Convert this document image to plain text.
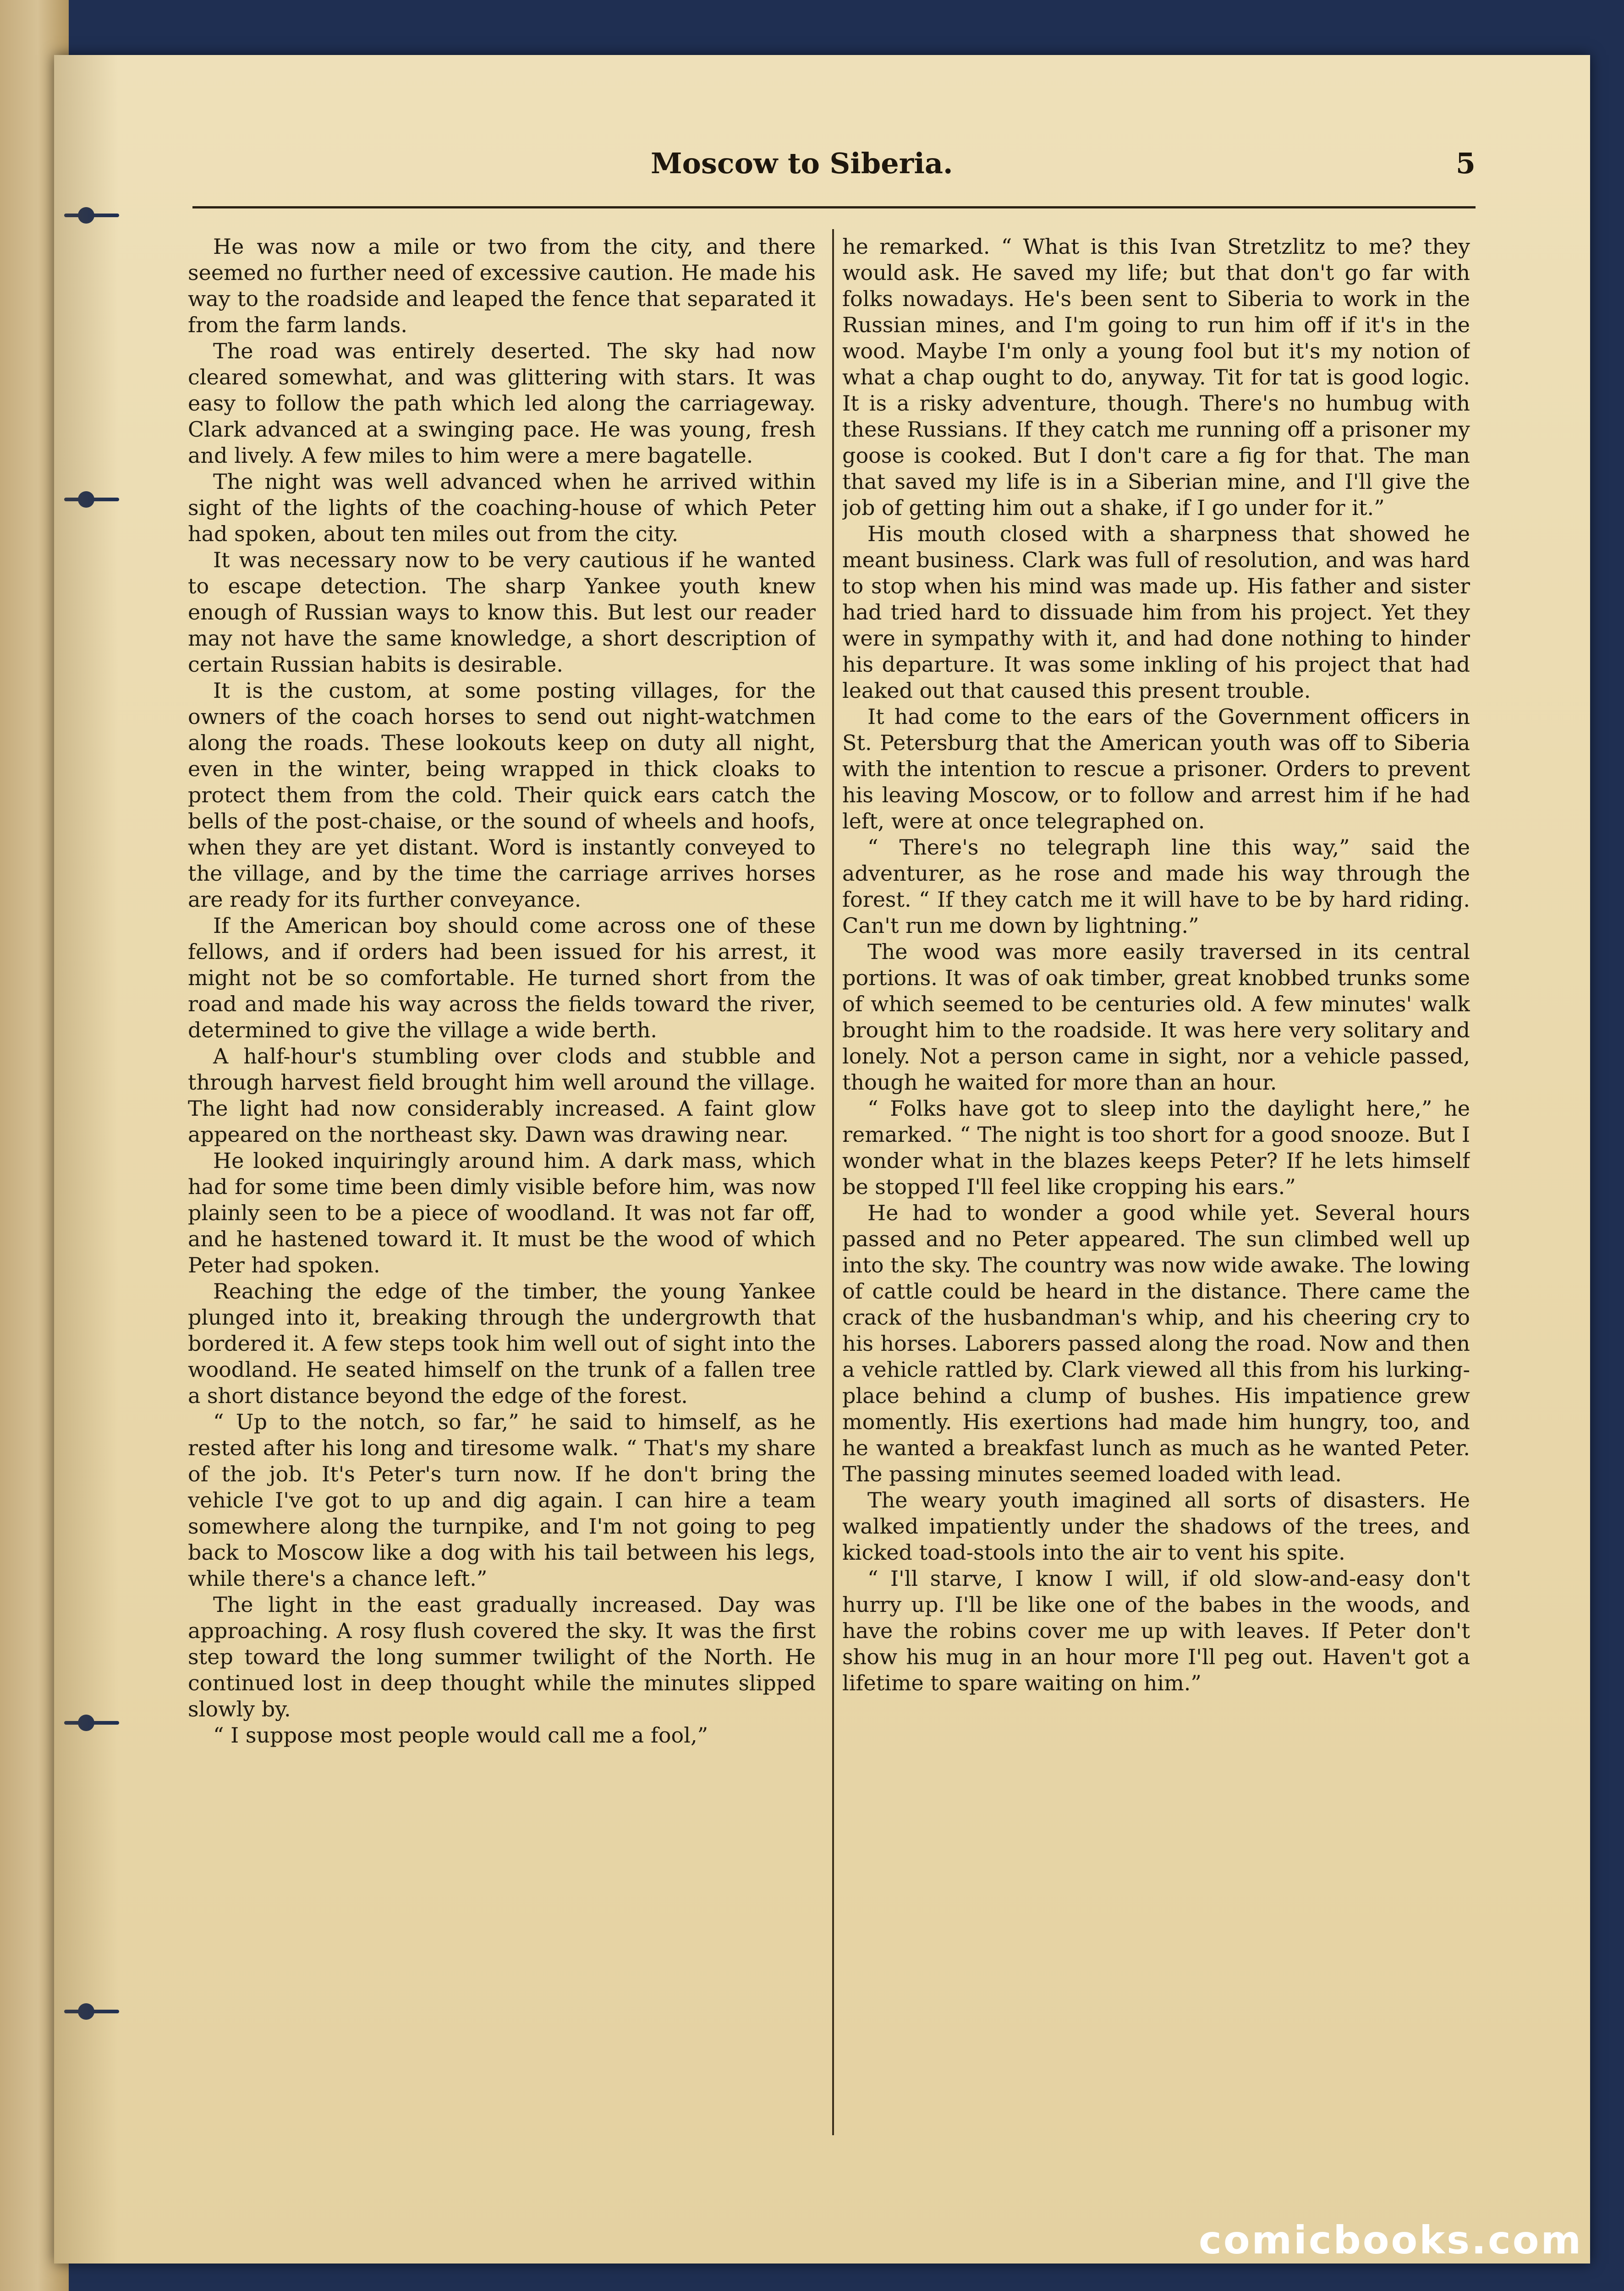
Moscow to Siberia.	5

He was now a mile or two from the city, and there seemed no further need of excessive caution. He made his way to the roadside and leaped the fence that separated it from the farm lands.

The road was entirely deserted. The sky had now cleared somewhat, and was glittering with stars. It was easy to follow the path which led along the carriageway. Clark advanced at a swinging pace. He was young, fresh and lively. A few miles to him were a mere bagatelle.

The night was well advanced when he arrived within sight of the lights of the coaching-house of which Peter had spoken, about ten miles out from the city.

It was necessary now to be very cautious if he wanted to escape detection. The sharp Yankee youth knew enough of Russian ways to know this. But lest our reader may not have the same knowledge, a short description of certain Russian habits is desirable.

It is the custom, at some posting villages, for the owners of the coach horses to send out night-watchmen along the roads. These lookouts keep on duty all night, even in the winter, being wrapped in thick cloaks to protect them from the cold. Their quick ears catch the bells of the post-chaise, or the sound of wheels and hoofs, when they are yet distant. Word is instantly conveyed to the village, and by the time the carriage arrives horses are ready for its further conveyance.

If the American boy should come across one of these fellows, and if orders had been issued for his arrest, it might not be so comfortable. He turned short from the road and made his way across the fields toward the river, determined to give the village a wide berth.

A half-hour's stumbling over clods and stubble and through harvest field brought him well around the village. The light had now considerably increased. A faint glow appeared on the northeast sky. Dawn was drawing near.

He looked inquiringly around him. A dark mass, which had for some time been dimly visible before him, was now plainly seen to be a piece of woodland. It was not far off, and he hastened toward it. It must be the wood of which Peter had spoken.

Reaching the edge of the timber, the young Yankee plunged into it, breaking through the undergrowth that bordered it. A few steps took him well out of sight into the woodland. He seated himself on the trunk of a fallen tree a short distance beyond the edge of the forest.

“ Up to the notch, so far,” he said to himself, as he rested after his long and tiresome walk. “ That's my share of the job. It's Peter's turn now. If he don't bring the vehicle I've got to up and dig again. I can hire a team somewhere along the turnpike, and I'm not going to peg back to Moscow like a dog with his tail between his legs, while there's a chance left.”

The light in the east gradually increased. Day was approaching. A rosy flush covered the sky. It was the first step toward the long summer twilight of the North. He continued lost in deep thought while the minutes slipped slowly by.

“ I suppose most people would call me a fool,”

he remarked. “ What is this Ivan Stretzlitz to me? they would ask. He saved my life; but that don't go far with folks nowadays. He's been sent to Siberia to work in the Russian mines, and I'm going to run him off if it's in the wood. Maybe I'm only a young fool but it's my notion of what a chap ought to do, anyway. Tit for tat is good logic. It is a risky adventure, though. There's no humbug with these Russians. If they catch me running off a prisoner my goose is cooked. But I don't care a fig for that. The man that saved my life is in a Siberian mine, and I'll give the job of getting him out a shake, if I go under for it.”

His mouth closed with a sharpness that showed he meant business. Clark was full of resolution, and was hard to stop when his mind was made up. His father and sister had tried hard to dissuade him from his project. Yet they were in sympathy with it, and had done nothing to hinder his departure. It was some inkling of his project that had leaked out that caused this present trouble.

It had come to the ears of the Government officers in St. Petersburg that the American youth was off to Siberia with the intention to rescue a prisoner. Orders to prevent his leaving Moscow, or to follow and arrest him if he had left, were at once telegraphed on.

“ There's no telegraph line this way,” said the adventurer, as he rose and made his way through the forest. “ If they catch me it will have to be by hard riding. Can't run me down by lightning.”

The wood was more easily traversed in its central portions. It was of oak timber, great knobbed trunks some of which seemed to be centuries old. A few minutes' walk brought him to the roadside. It was here very solitary and lonely. Not a person came in sight, nor a vehicle passed, though he waited for more than an hour.

“ Folks have got to sleep into the daylight here,” he remarked. “ The night is too short for a good snooze. But I wonder what in the blazes keeps Peter? If he lets himself be stopped I'll feel like cropping his ears.”

He had to wonder a good while yet. Several hours passed and no Peter appeared. The sun climbed well up into the sky. The country was now wide awake. The lowing of cattle could be heard in the distance. There came the crack of the husbandman's whip, and his cheering cry to his horses. Laborers passed along the road. Now and then a vehicle rattled by. Clark viewed all this from his lurking-place behind a clump of bushes. His impatience grew momently. His exertions had made him hungry, too, and he wanted a breakfast lunch as much as he wanted Peter. The passing minutes seemed loaded with lead.

The weary youth imagined all sorts of disasters. He walked impatiently under the shadows of the trees, and kicked toad-stools into the air to vent his spite.

“ I'll starve, I know I will, if old slow-and-easy don't hurry up. I'll be like one of the babes in the woods, and have the robins cover me up with leaves. If Peter don't show his mug in an hour more I'll peg out. Haven't got a lifetime to spare waiting on him.”

comicbooks.com
